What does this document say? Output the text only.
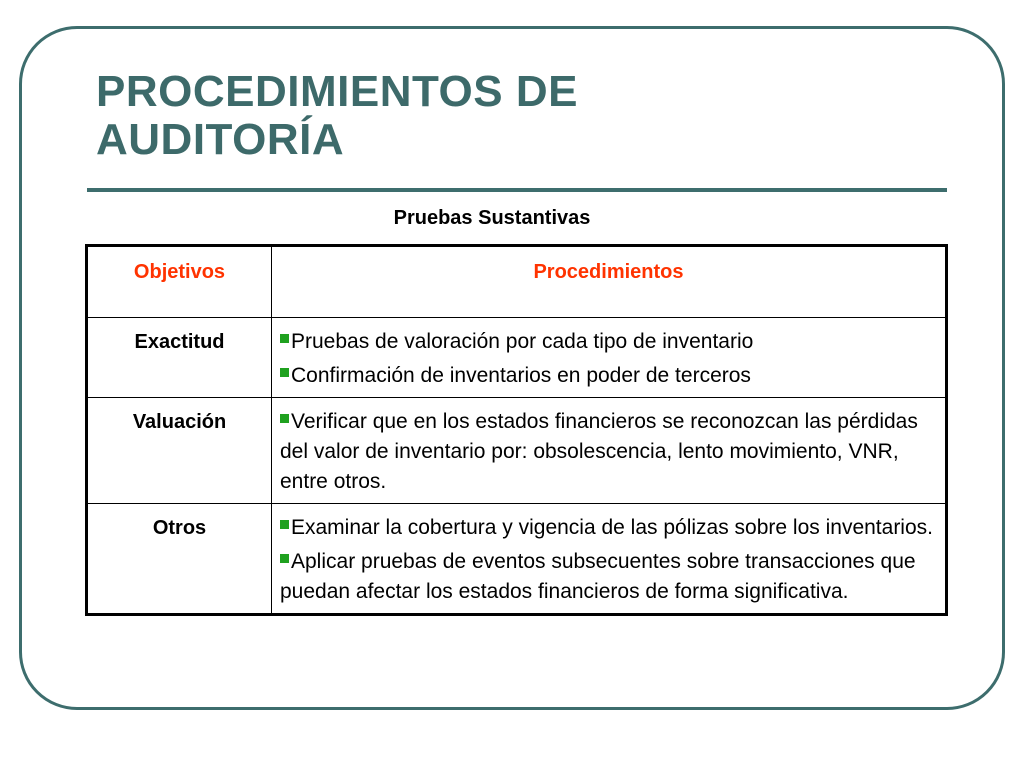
PROCEDIMIENTOS DE
AUDITORÍA
Pruebas Sustantivas
Objetivos	Procedimientos
Exactitud	Pruebas de valoración por cada tipo de inventario
Confirmación de inventarios en poder de terceros

Valuación	Verificar que en los estados financieros se reconozcan las pérdidas del valor de inventario por: obsolescencia, lento movimiento, VNR, entre otros.

Otros	Examinar la cobertura y vigencia de las pólizas sobre los inventarios.
Aplicar pruebas de eventos subsecuentes sobre transacciones que puedan afectar los estados financieros de forma significativa.
